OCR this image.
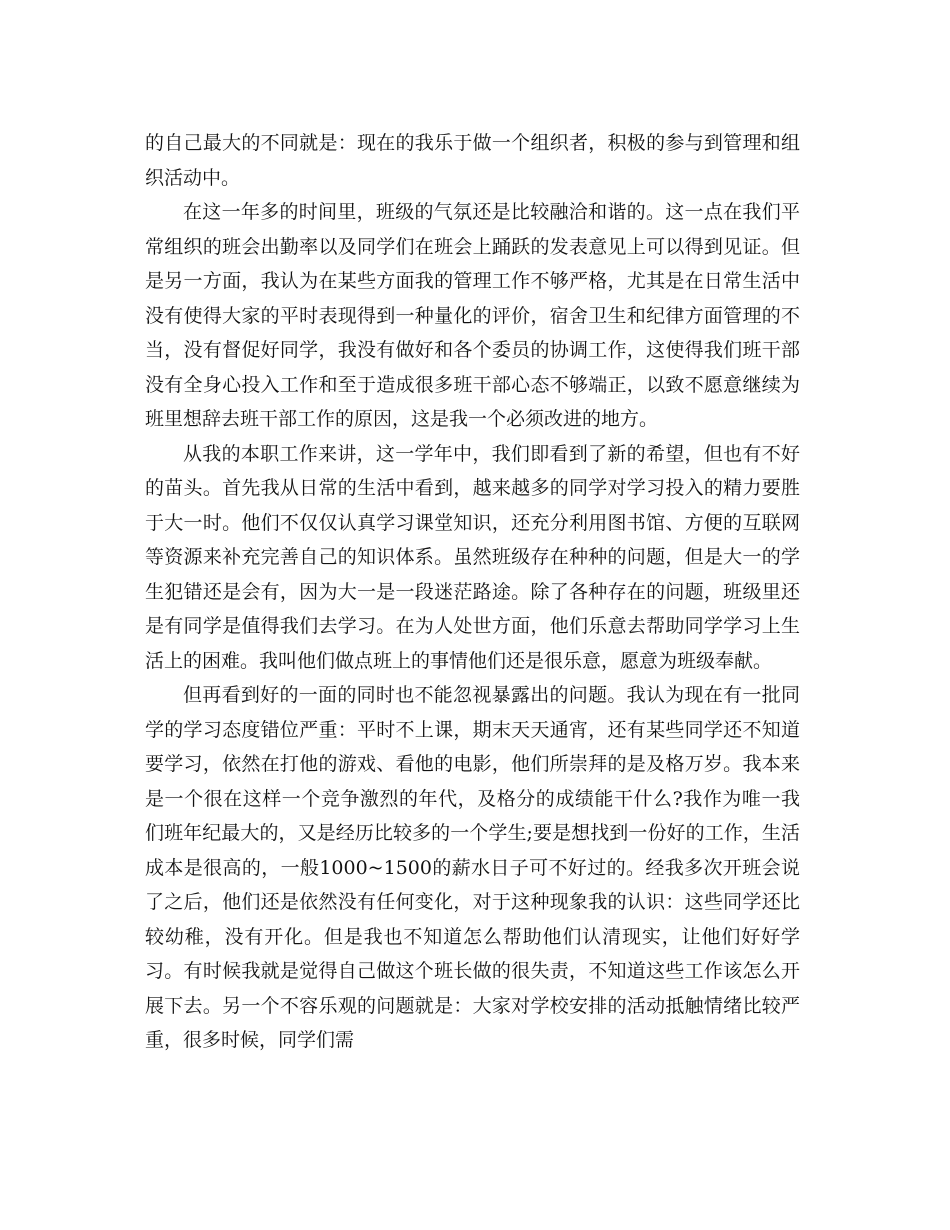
的自己最大的不同就是：现在的我乐于做一个组织者，积极的参与到管理和组织活动中。

在这一年多的时间里，班级的气氛还是比较融洽和谐的。这一点在我们平常组织的班会出勤率以及同学们在班会上踊跃的发表意见上可以得到见证。但是另一方面，我认为在某些方面我的管理工作不够严格，尤其是在日常生活中没有使得大家的平时表现得到一种量化的评价，宿舍卫生和纪律方面管理的不当，没有督促好同学，我没有做好和各个委员的协调工作，这使得我们班干部没有全身心投入工作和至于造成很多班干部心态不够端正，以致不愿意继续为班里想辞去班干部工作的原因，这是我一个必须改进的地方。

从我的本职工作来讲，这一学年中，我们即看到了新的希望，但也有不好的苗头。首先我从日常的生活中看到，越来越多的同学对学习投入的精力要胜于大一时。他们不仅仅认真学习课堂知识，还充分利用图书馆、方便的互联网等资源来补充完善自己的知识体系。虽然班级存在种种的问题，但是大一的学生犯错还是会有，因为大一是一段迷茫路途。除了各种存在的问题，班级里还是有同学是值得我们去学习。在为人处世方面，他们乐意去帮助同学学习上生活上的困难。我叫他们做点班上的事情他们还是很乐意，愿意为班级奉献。

但再看到好的一面的同时也不能忽视暴露出的问题。我认为现在有一批同学的学习态度错位严重：平时不上课，期末天天通宵，还有某些同学还不知道要学习，依然在打他的游戏、看他的电影，他们所崇拜的是及格万岁。我本来是一个很在这样一个竞争激烈的年代，及格分的成绩能干什么?我作为唯一我们班年纪最大的，又是经历比较多的一个学生;要是想找到一份好的工作，生活成本是很高的，一般1000~1500的薪水日子可不好过的。经我多次开班会说了之后，他们还是依然没有任何变化，对于这种现象我的认识：这些同学还比较幼稚，没有开化。但是我也不知道怎么帮助他们认清现实，让他们好好学习。有时候我就是觉得自己做这个班长做的很失责，不知道这些工作该怎么开展下去。另一个不容乐观的问题就是：大家对学校安排的活动抵触情绪比较严重，很多时候，同学们需
